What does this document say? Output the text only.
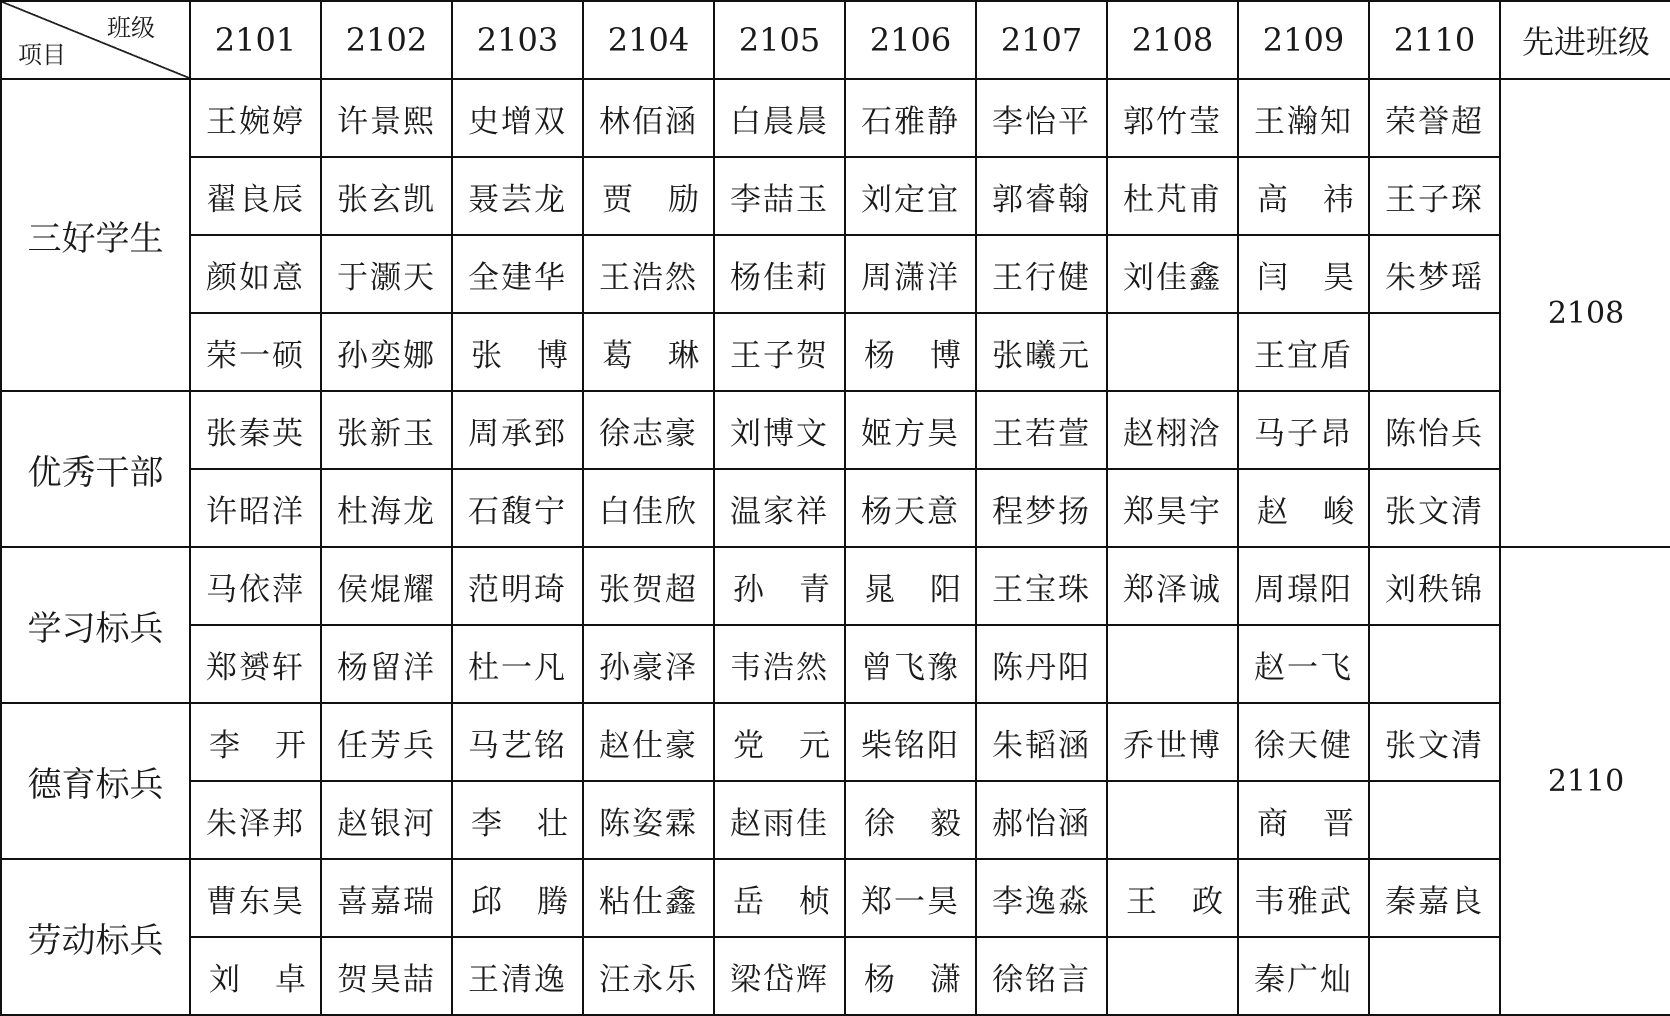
班级
项目	2101	2102	2103	2104	2105	2106	2107	2108	2109	2110	先进班级
三好学生	王婉婷	许景熙	史增双	林佰涵	白晨晨	石雅静	李怡平	郭竹莹	王瀚知	荣誉超	2108
	翟良辰	张玄凯	聂芸龙	贾　励	李喆玉	刘定宜	郭睿翰	杜芃甫	高　祎	王子琛	
	颜如意	于灏天	全建华	王浩然	杨佳莉	周潇洋	王行健	刘佳鑫	闫　昊	朱梦瑶	
	荣一硕	孙奕娜	张　博	葛　琳	王子贺	杨　博	张曦元		王宜盾		
优秀干部	张秦英	张新玉	周承郅	徐志豪	刘博文	姬方昊	王若萱	赵栩浛	马子昂	陈怡兵	
	许昭洋	杜海龙	石馥宁	白佳欣	温家祥	杨天意	程梦扬	郑昊宇	赵　峻	张文清	
学习标兵	马依萍	侯焜耀	范明琦	张贺超	孙　青	晁　阳	王宝珠	郑泽诚	周璟阳	刘秩锦	2110
	郑赟轩	杨留洋	杜一凡	孙豪泽	韦浩然	曾飞豫	陈丹阳		赵一飞		
德育标兵	李　开	任芳兵	马艺铭	赵仕豪	党　元	柴铭阳	朱韬涵	乔世博	徐天健	张文清	
	朱泽邦	赵银河	李　壮	陈姿霖	赵雨佳	徐　毅	郝怡涵		商　晋		
劳动标兵	曹东昊	喜嘉瑞	邱　腾	粘仕鑫	岳　桢	郑一昊	李逸淼	王　政	韦雅武	秦嘉良	
	刘　卓	贺昊喆	王清逸	汪永乐	梁岱辉	杨　潇	徐铭言		秦广灿		
